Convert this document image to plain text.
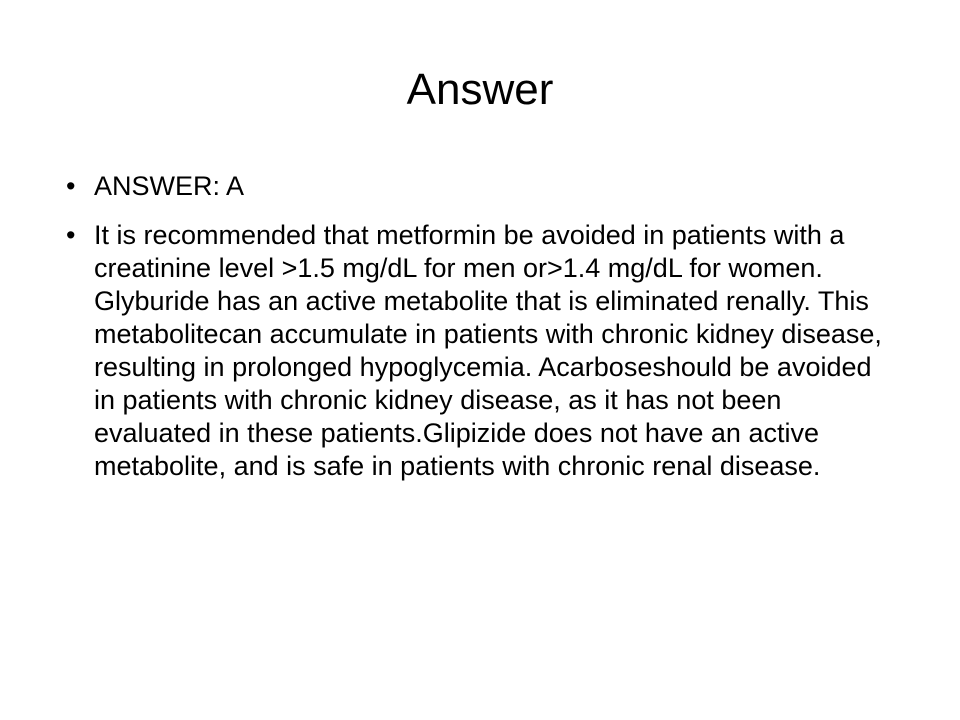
Answer
• ANSWER: A
• It is recommended that metformin be avoided in patients with a creatinine level >1.5 mg/dL for men or>1.4 mg/dL for women. Glyburide has an active metabolite that is eliminated renally. This metabolitecan accumulate in patients with chronic kidney disease, resulting in prolonged hypoglycemia. Acarboseshould be avoided in patients with chronic kidney disease, as it has not been evaluated in these patients.Glipizide does not have an active metabolite, and is safe in patients with chronic renal disease.
